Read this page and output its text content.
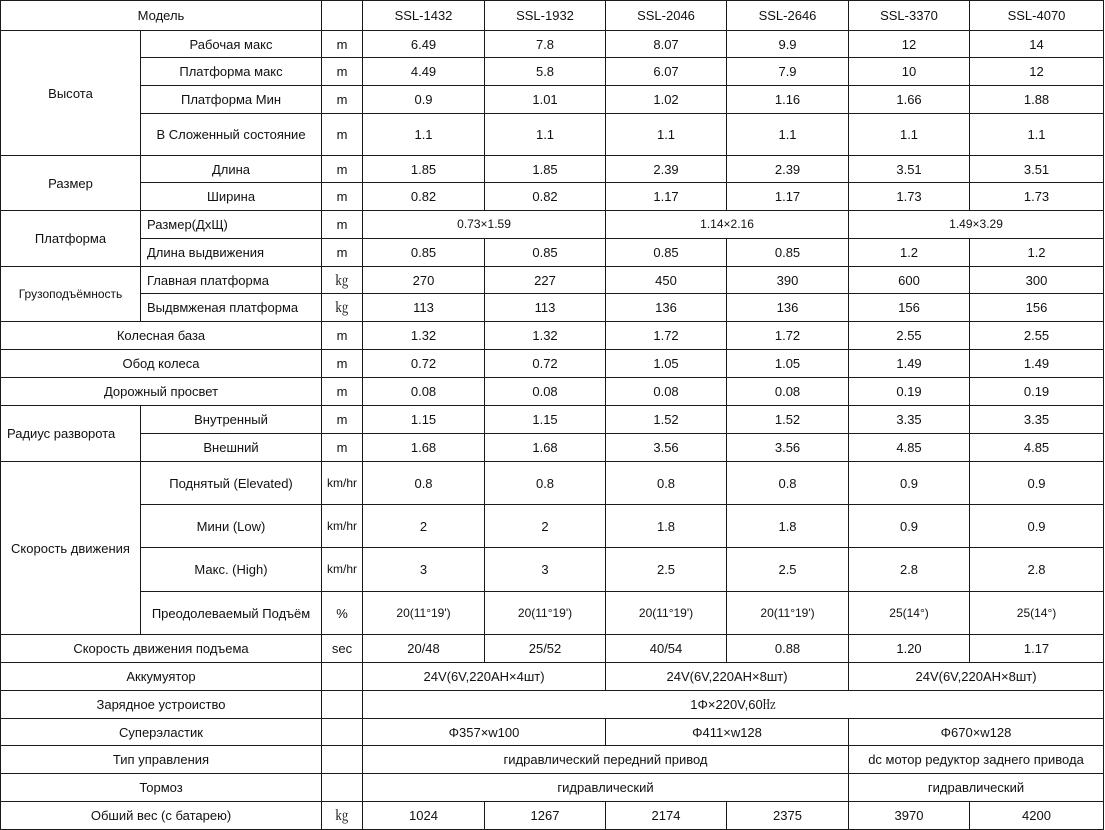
Модель			SSL-1432	SSL-1932	SSL-2046	SSL-2646	SSL-3370	SSL-4070
Высота	Рабочая макс	m	6.49	7.8	8.07	9.9	12	14
	Платформа макс	m	4.49	5.8	6.07	7.9	10	12
	Платформа Мин	m	0.9	1.01	1.02	1.16	1.66	1.88
	В Сложенный состояние	m	1.1	1.1	1.1	1.1	1.1	1.1
Размер	Длина	m	1.85	1.85	2.39	2.39	3.51	3.51
	Ширина	m	0.82	0.82	1.17	1.17	1.73	1.73
Платформа	Размер(ДхЩ)	m	0.73×1.59		1.14×2.16		1.49×3.29	
	Длина выдвижения	m	0.85	0.85	0.85	0.85	1.2	1.2
Грузоподъёмность	Главная платформа	㎏	270	227	450	390	600	300
	Выдвмженая платформа	㎏	113	113	136	136	156	156
Колесная база		m	1.32	1.32	1.72	1.72	2.55	2.55
Обод колеса		m	0.72	0.72	1.05	1.05	1.49	1.49
Дорожный просвет		m	0.08	0.08	0.08	0.08	0.19	0.19
Радиус разворота	Внутренный	m	1.15	1.15	1.52	1.52	3.35	3.35
	Внешний	m	1.68	1.68	3.56	3.56	4.85	4.85
Скорость движения	Поднятый (Elevated)	km/hr	0.8	0.8	0.8	0.8	0.9	0.9
	Мини (Low)	km/hr	2	2	1.8	1.8	0.9	0.9
	Макс. (High)	km/hr	3	3	2.5	2.5	2.8	2.8
	Преодолеваемый Подъём	%	20(11°19')	20(11°19')	20(11°19')	20(11°19')	25(14°)	25(14°)
Скорость движения подъема		sec	20/48	25/52	40/54	0.88	1.20	1.17
Аккумуятор			24V(6V,220AH×4шт)		24V(6V,220AH×8шт)		24V(6V,220AH×8шт)	
Зарядное устроиство			1Φ×220V,60㎐					
Суперэластик			Φ357×w100		Φ411×w128		Φ670×w128	
Тип управления			гидравлический передний привод				dc мотор редуктор заднего привода	
Тормоз			гидравлический				гидравлический	
Обший вес (с батарею)		㎏	1024	1267	2174	2375	3970	4200
